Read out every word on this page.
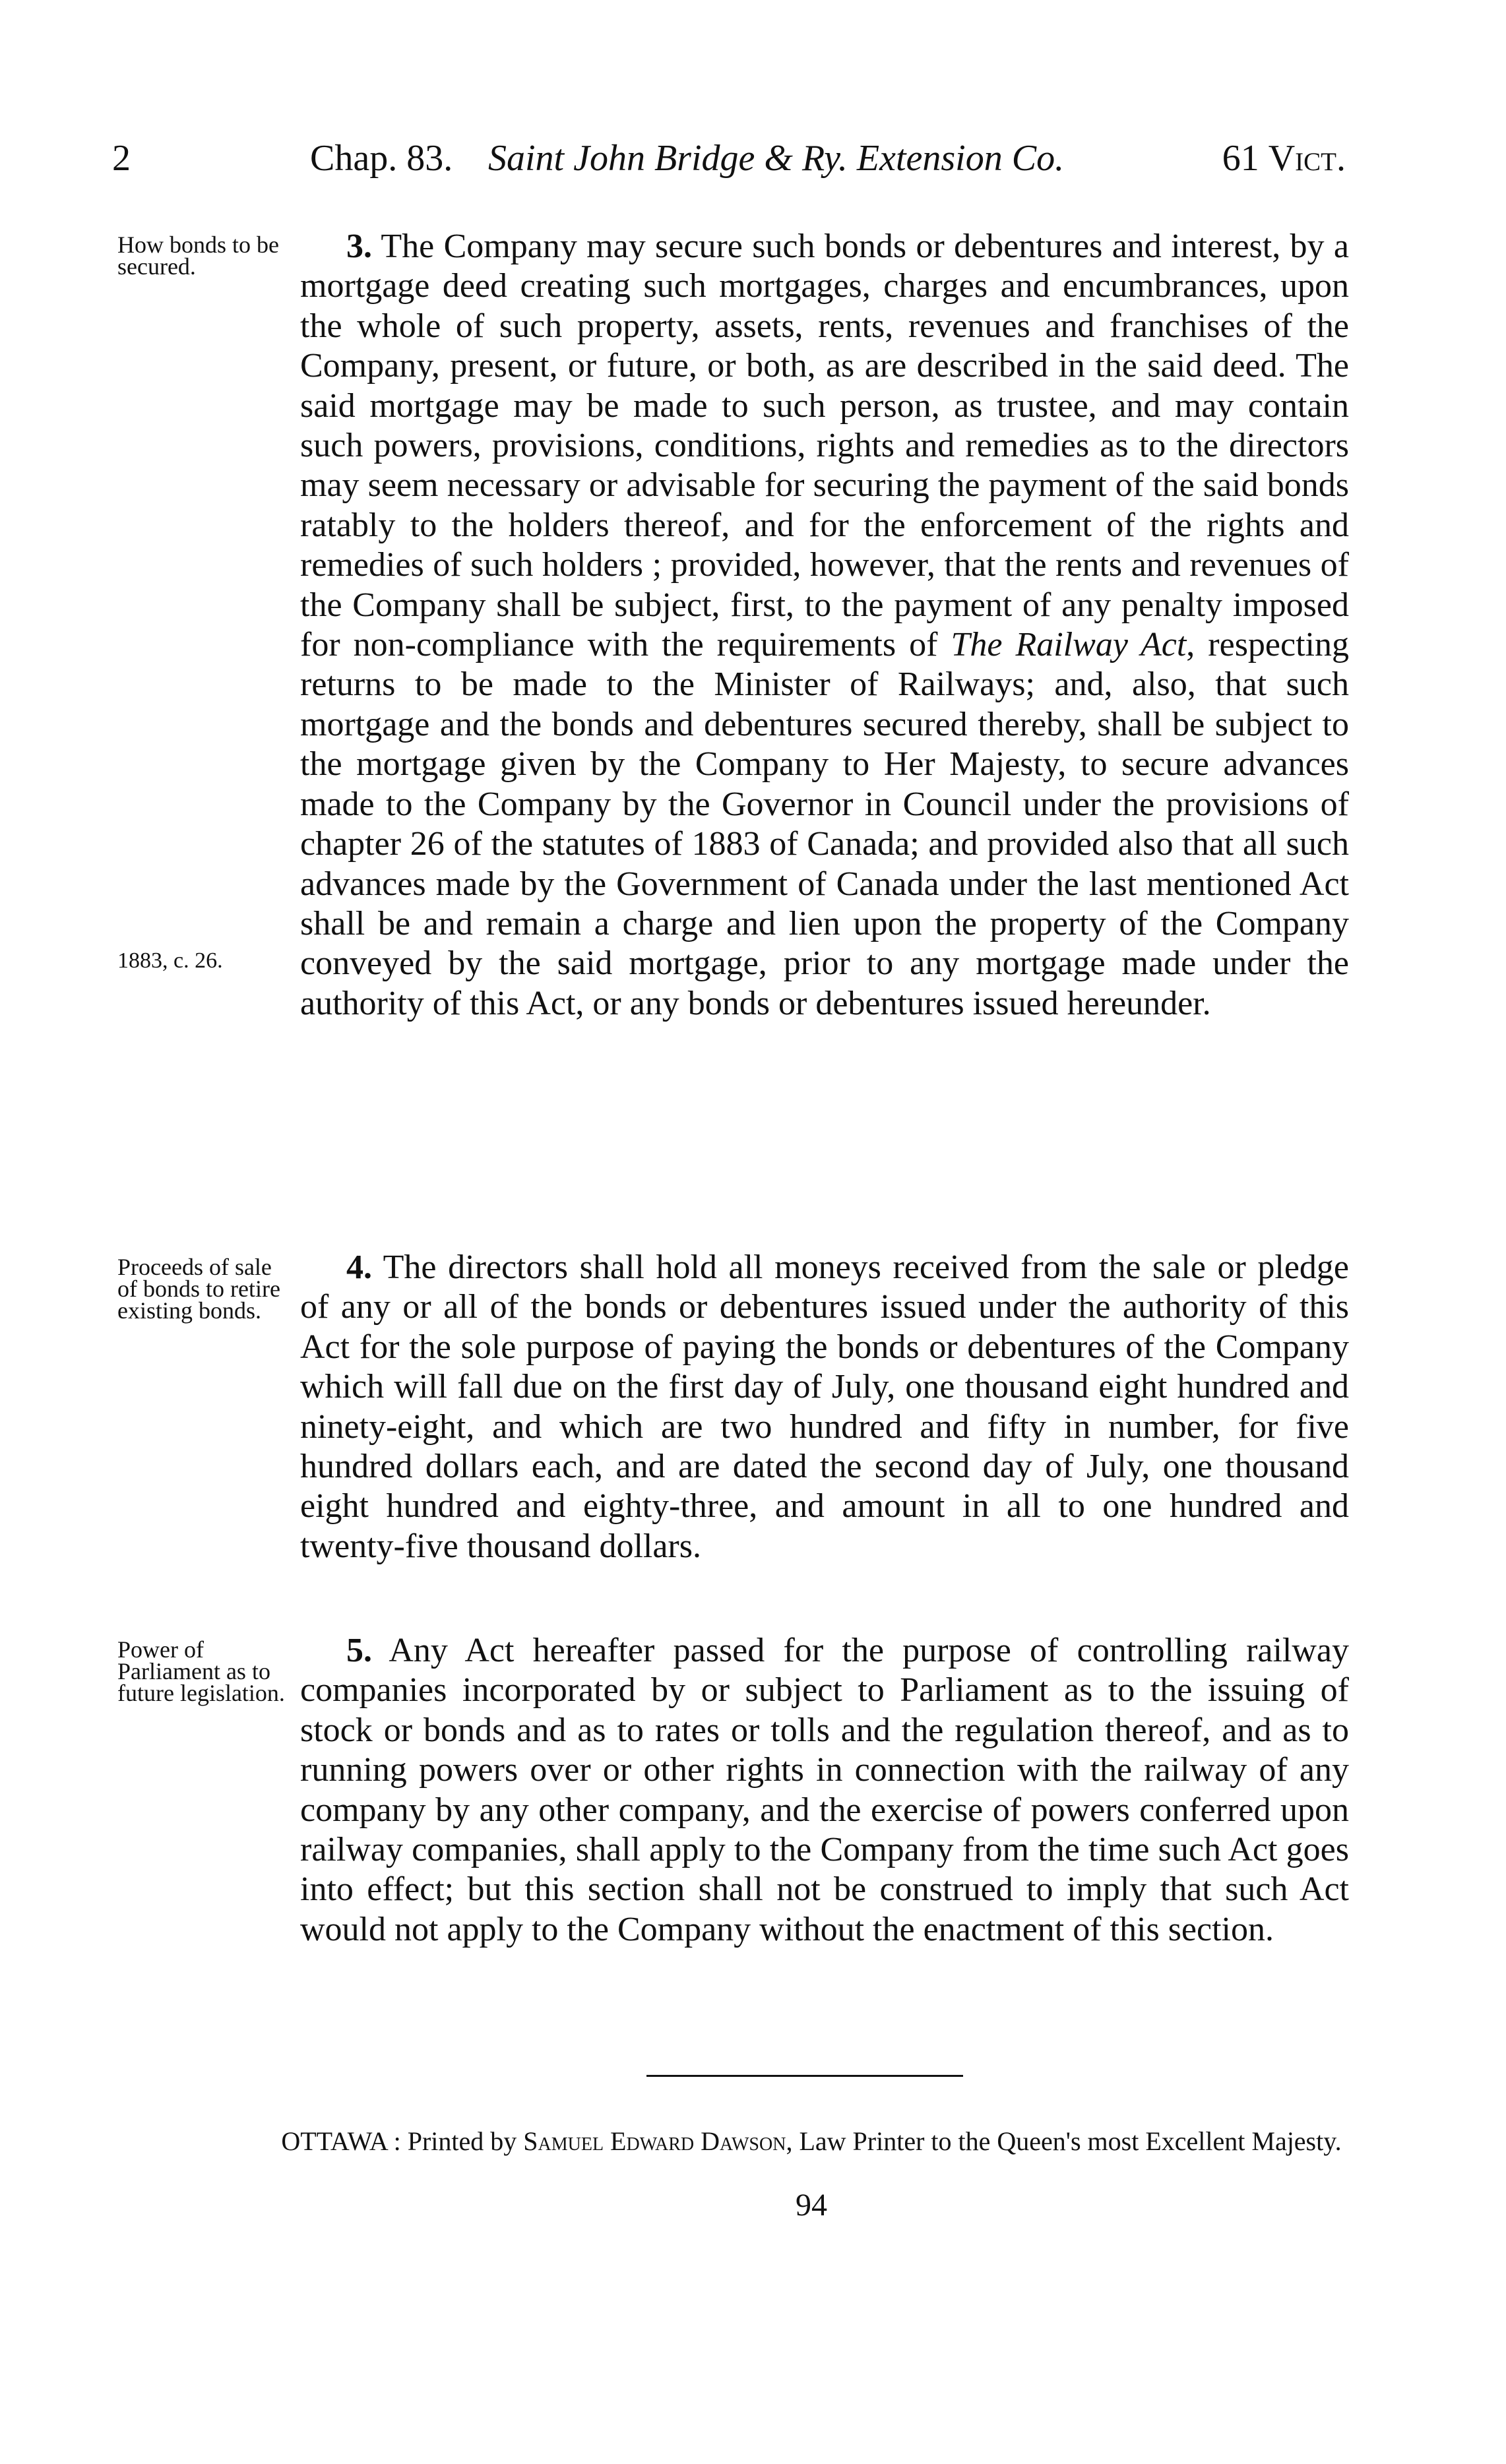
2	Chap. 83. Saint John Bridge & Ry. Extension Co.	61 Vict.
How bonds to be secured.
1883, c. 26.
3. The Company may secure such bonds or debentures and interest, by a mortgage deed creating such mortgages, charges and encumbrances, upon the whole of such property, assets, rents, revenues and franchises of the Company, present, or future, or both, as are described in the said deed. The said mortgage may be made to such person, as trustee, and may contain such powers, provisions, conditions, rights and remedies as to the directors may seem necessary or advisable for securing the payment of the said bonds ratably to the holders thereof, and for the enforcement of the rights and remedies of such holders ; provided, however, that the rents and revenues of the Company shall be subject, first, to the payment of any penalty imposed for non-compliance with the requirements of The Railway Act, respecting returns to be made to the Minister of Railways; and, also, that such mortgage and the bonds and debentures secured thereby, shall be subject to the mortgage given by the Company to Her Majesty, to secure advances made to the Company by the Governor in Council under the provisions of chapter 26 of the statutes of 1883 of Canada; and provided also that all such advances made by the Government of Canada under the last mentioned Act shall be and remain a charge and lien upon the property of the Company conveyed by the said mortgage, prior to any mortgage made under the authority of this Act, or any bonds or debentures issued hereunder.
Proceeds of sale of bonds to retire existing bonds.
4. The directors shall hold all moneys received from the sale or pledge of any or all of the bonds or debentures issued under the authority of this Act for the sole purpose of paying the bonds or debentures of the Company which will fall due on the first day of July, one thousand eight hundred and ninety-eight, and which are two hundred and fifty in number, for five hundred dollars each, and are dated the second day of July, one thousand eight hundred and eighty-three, and amount in all to one hundred and twenty-five thousand dollars.
Power of Parliament as to future legislation.
5. Any Act hereafter passed for the purpose of controlling railway companies incorporated by or subject to Parliament as to the issuing of stock or bonds and as to rates or tolls and the regulation thereof, and as to running powers over or other rights in connection with the railway of any company by any other company, and the exercise of powers conferred upon railway companies, shall apply to the Company from the time such Act goes into effect; but this section shall not be construed to imply that such Act would not apply to the Company without the enactment of this section.
OTTAWA : Printed by Samuel Edward Dawson, Law Printer to the Queen's most Excellent Majesty.
94
